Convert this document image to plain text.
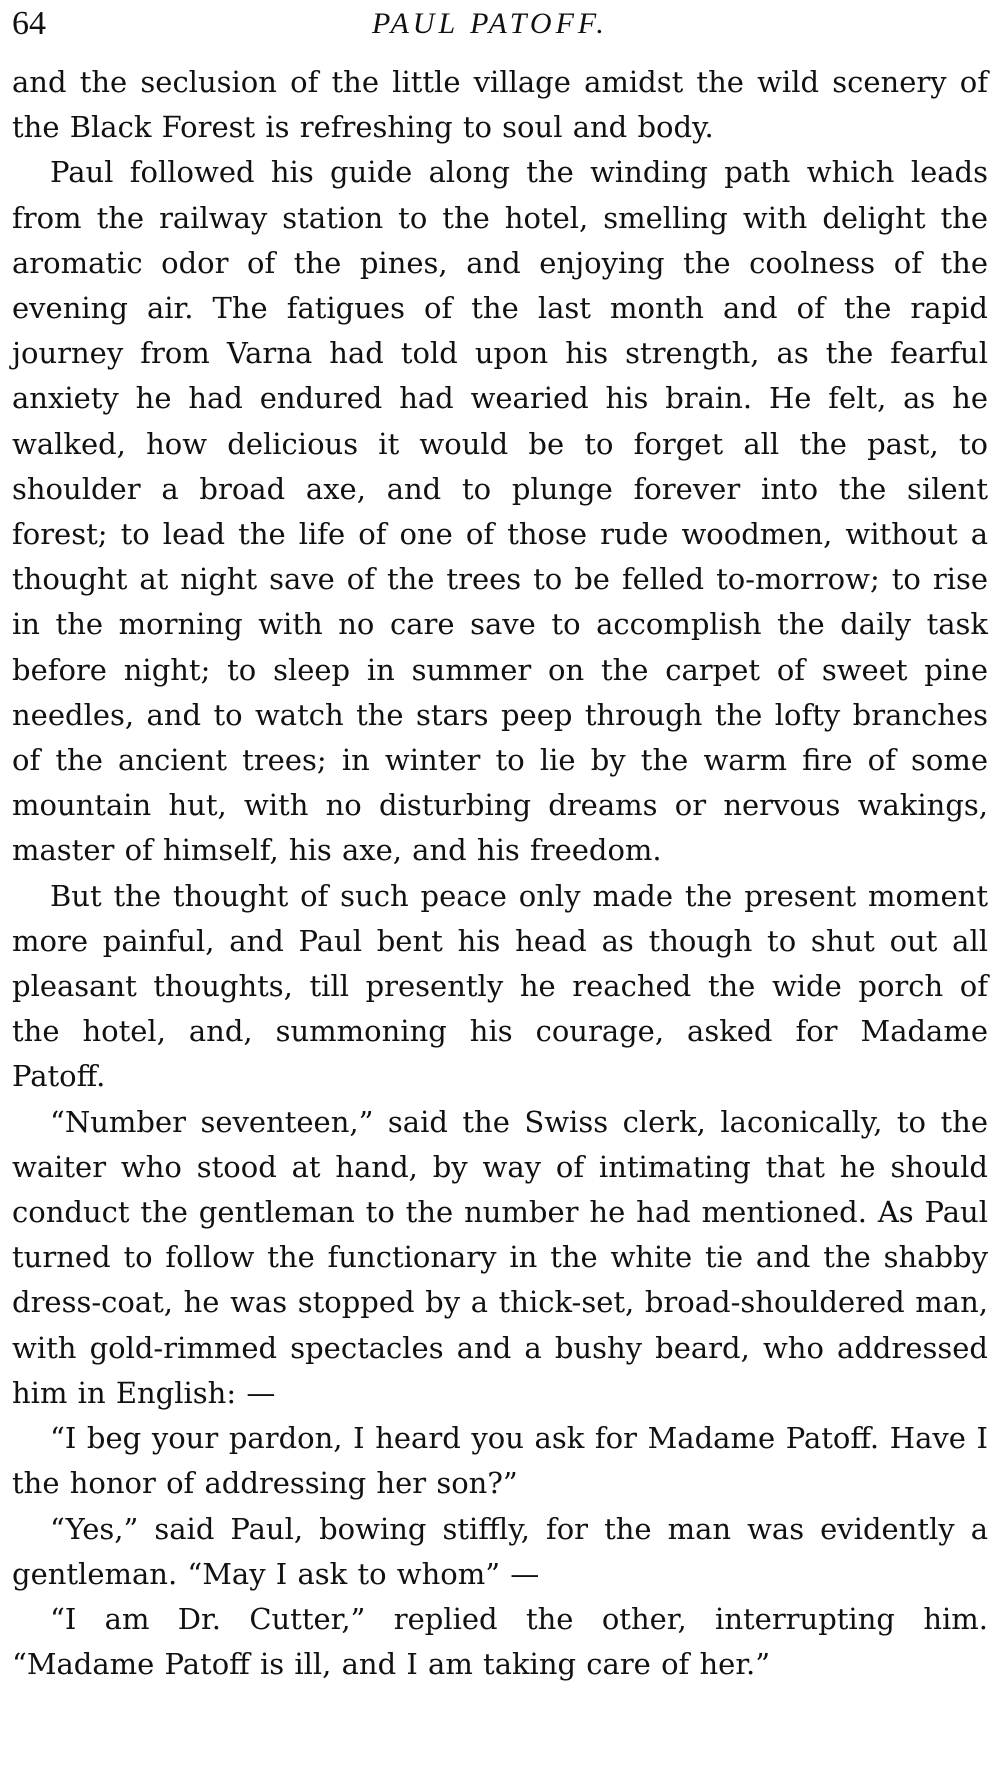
64	PAUL PATOFF.

and the seclusion of the little village amidst the wild scenery of the Black Forest is refreshing to soul and body.

Paul followed his guide along the winding path which leads from the railway station to the hotel, smelling with delight the aromatic odor of the pines, and enjoying the coolness of the evening air. The fatigues of the last month and of the rapid journey from Varna had told upon his strength, as the fearful anxiety he had endured had wearied his brain. He felt, as he walked, how delicious it would be to forget all the past, to shoulder a broad axe, and to plunge forever into the silent forest; to lead the life of one of those rude woodmen, without a thought at night save of the trees to be felled to-morrow; to rise in the morning with no care save to accomplish the daily task before night; to sleep in summer on the carpet of sweet pine needles, and to watch the stars peep through the lofty branches of the ancient trees; in winter to lie by the warm fire of some mountain hut, with no disturbing dreams or nervous wakings, master of himself, his axe, and his freedom.

But the thought of such peace only made the present moment more painful, and Paul bent his head as though to shut out all pleasant thoughts, till presently he reached the wide porch of the hotel, and, summoning his courage, asked for Madame Patoff.

“Number seventeen,” said the Swiss clerk, laconically, to the waiter who stood at hand, by way of intimating that he should conduct the gentleman to the number he had mentioned. As Paul turned to follow the functionary in the white tie and the shabby dress-coat, he was stopped by a thick-set, broad-shouldered man, with gold-rimmed spectacles and a bushy beard, who addressed him in English: —

“I beg your pardon, I heard you ask for Madame Patoff. Have I the honor of addressing her son?”

“Yes,” said Paul, bowing stiffly, for the man was evidently a gentleman. “May I ask to whom” —

“I am Dr. Cutter,” replied the other, interrupting him. “Madame Patoff is ill, and I am taking care of her.”
